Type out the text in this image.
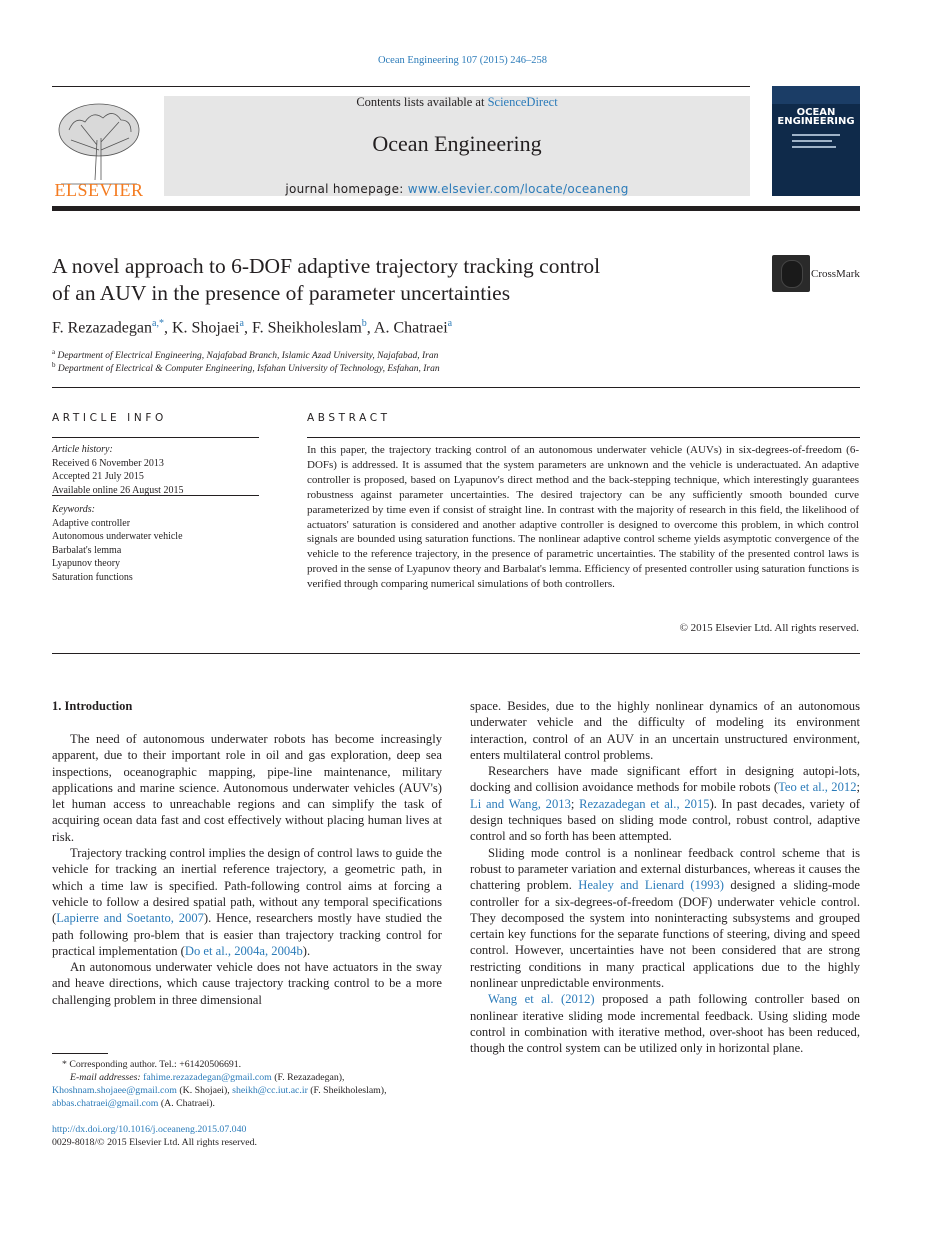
Ocean Engineering 107 (2015) 246–258
ELSEVIER
Contents lists available at ScienceDirect
Ocean Engineering
journal homepage: www.elsevier.com/locate/oceaneng
OCEAN
ENGINEERING
A novel approach to 6-DOF adaptive trajectory tracking control
of an AUV in the presence of parameter uncertainties
CrossMark
F. Rezazadegan$^{a,*}$, K. Shojaei$^a$, F. Sheikholeslam$^b$, A. Chatraei$^a$
$^a$ Department of Electrical Engineering, Najafabad Branch, Islamic Azad University, Najafabad, Iran
$^b$ Department of Electrical & Computer Engineering, Isfahan University of Technology, Esfahan, Iran
ARTICLE INFO
Article history:
Received 6 November 2013
Accepted 21 July 2015
Available online 26 August 2015
Keywords:
Adaptive controller
Autonomous underwater vehicle
Barbalat's lemma
Lyapunov theory
Saturation functions
ABSTRACT
In this paper, the trajectory tracking control of an autonomous underwater vehicle (AUVs) in six-degrees-of-freedom (6-DOFs) is addressed. It is assumed that the system parameters are unknown and the vehicle is underactuated. An adaptive controller is proposed, based on Lyapunov's direct method and the back-stepping technique, which interestingly guarantees robustness against parameter uncertainties. The desired trajectory can be any sufficiently smooth bounded curve parameterized by time even if consist of straight line. In contrast with the majority of research in this field, the likelihood of actuators' saturation is considered and another adaptive controller is designed to overcome this problem, in which control signals are bounded using saturation functions. The nonlinear adaptive control scheme yields asymptotic convergence of the vehicle to the reference trajectory, in the presence of parametric uncertainties. The stability of the presented control laws is proved in the sense of Lyapunov theory and Barbalat's lemma. Efficiency of presented controller using saturation functions is verified through comparing numerical simulations of both controllers.
© 2015 Elsevier Ltd. All rights reserved.
1. Introduction

The need of autonomous underwater robots has become increasingly apparent, due to their important role in oil and gas exploration, deep sea inspections, oceanographic mapping, pipe-line maintenance, military applications and marine science. Autonomous underwater vehicles (AUV's) let human access to unreachable regions and can simplify the task of acquiring ocean data fast and cost effectively without placing human lives at risk.

Trajectory tracking control implies the design of control laws to guide the vehicle for tracking an inertial reference trajectory, a geometric path, in which a time law is specified. Path-following control aims at forcing a vehicle to follow a desired spatial path, without any temporal specifications (Lapierre and Soetanto, 2007). Hence, researchers mostly have studied the path following pro-blem that is easier than trajectory tracking control for practical implementation (Do et al., 2004a, 2004b).

An autonomous underwater vehicle does not have actuators in the sway and heave directions, which cause trajectory tracking control to be a more challenging problem in three dimensional

space. Besides, due to the highly nonlinear dynamics of an autonomous underwater vehicle and the difficulty of modeling its environment interaction, control of an AUV in an uncertain unstructured environment, enters multilateral control problems.

Researchers have made significant effort in designing autopi-lots, docking and collision avoidance methods for mobile robots (Teo et al., 2012; Li and Wang, 2013; Rezazadegan et al., 2015). In past decades, variety of design techniques based on sliding mode control, robust control, adaptive control and so forth has been attempted.

Sliding mode control is a nonlinear feedback control scheme that is robust to parameter variation and external disturbances, whereas it causes the chattering problem. Healey and Lienard (1993) designed a sliding-mode controller for a six-degrees-of-freedom (DOF) underwater vehicle control. They decomposed the system into noninteracting subsystems and grouped certain key functions for the separate functions of steering, diving and speed control. However, uncertainties have not been considered that are strong restricting conditions in many practical applications due to the highly nonlinear unpredictable environments.

Wang et al. (2012) proposed a path following controller based on nonlinear iterative sliding mode incremental feedback. Using sliding mode control in combination with iterative method, over-shoot has been reduced, though the control system can be utilized only in horizontal plane.

* Corresponding author. Tel.: +61420506691.
E-mail addresses: fahime.rezazadegan@gmail.com (F. Rezazadegan),
Khoshnam.shojaee@gmail.com (K. Shojaei), sheikh@cc.iut.ac.ir (F. Sheikholeslam),
abbas.chatraei@gmail.com (A. Chatraei).
http://dx.doi.org/10.1016/j.oceaneng.2015.07.040
0029-8018/© 2015 Elsevier Ltd. All rights reserved.
